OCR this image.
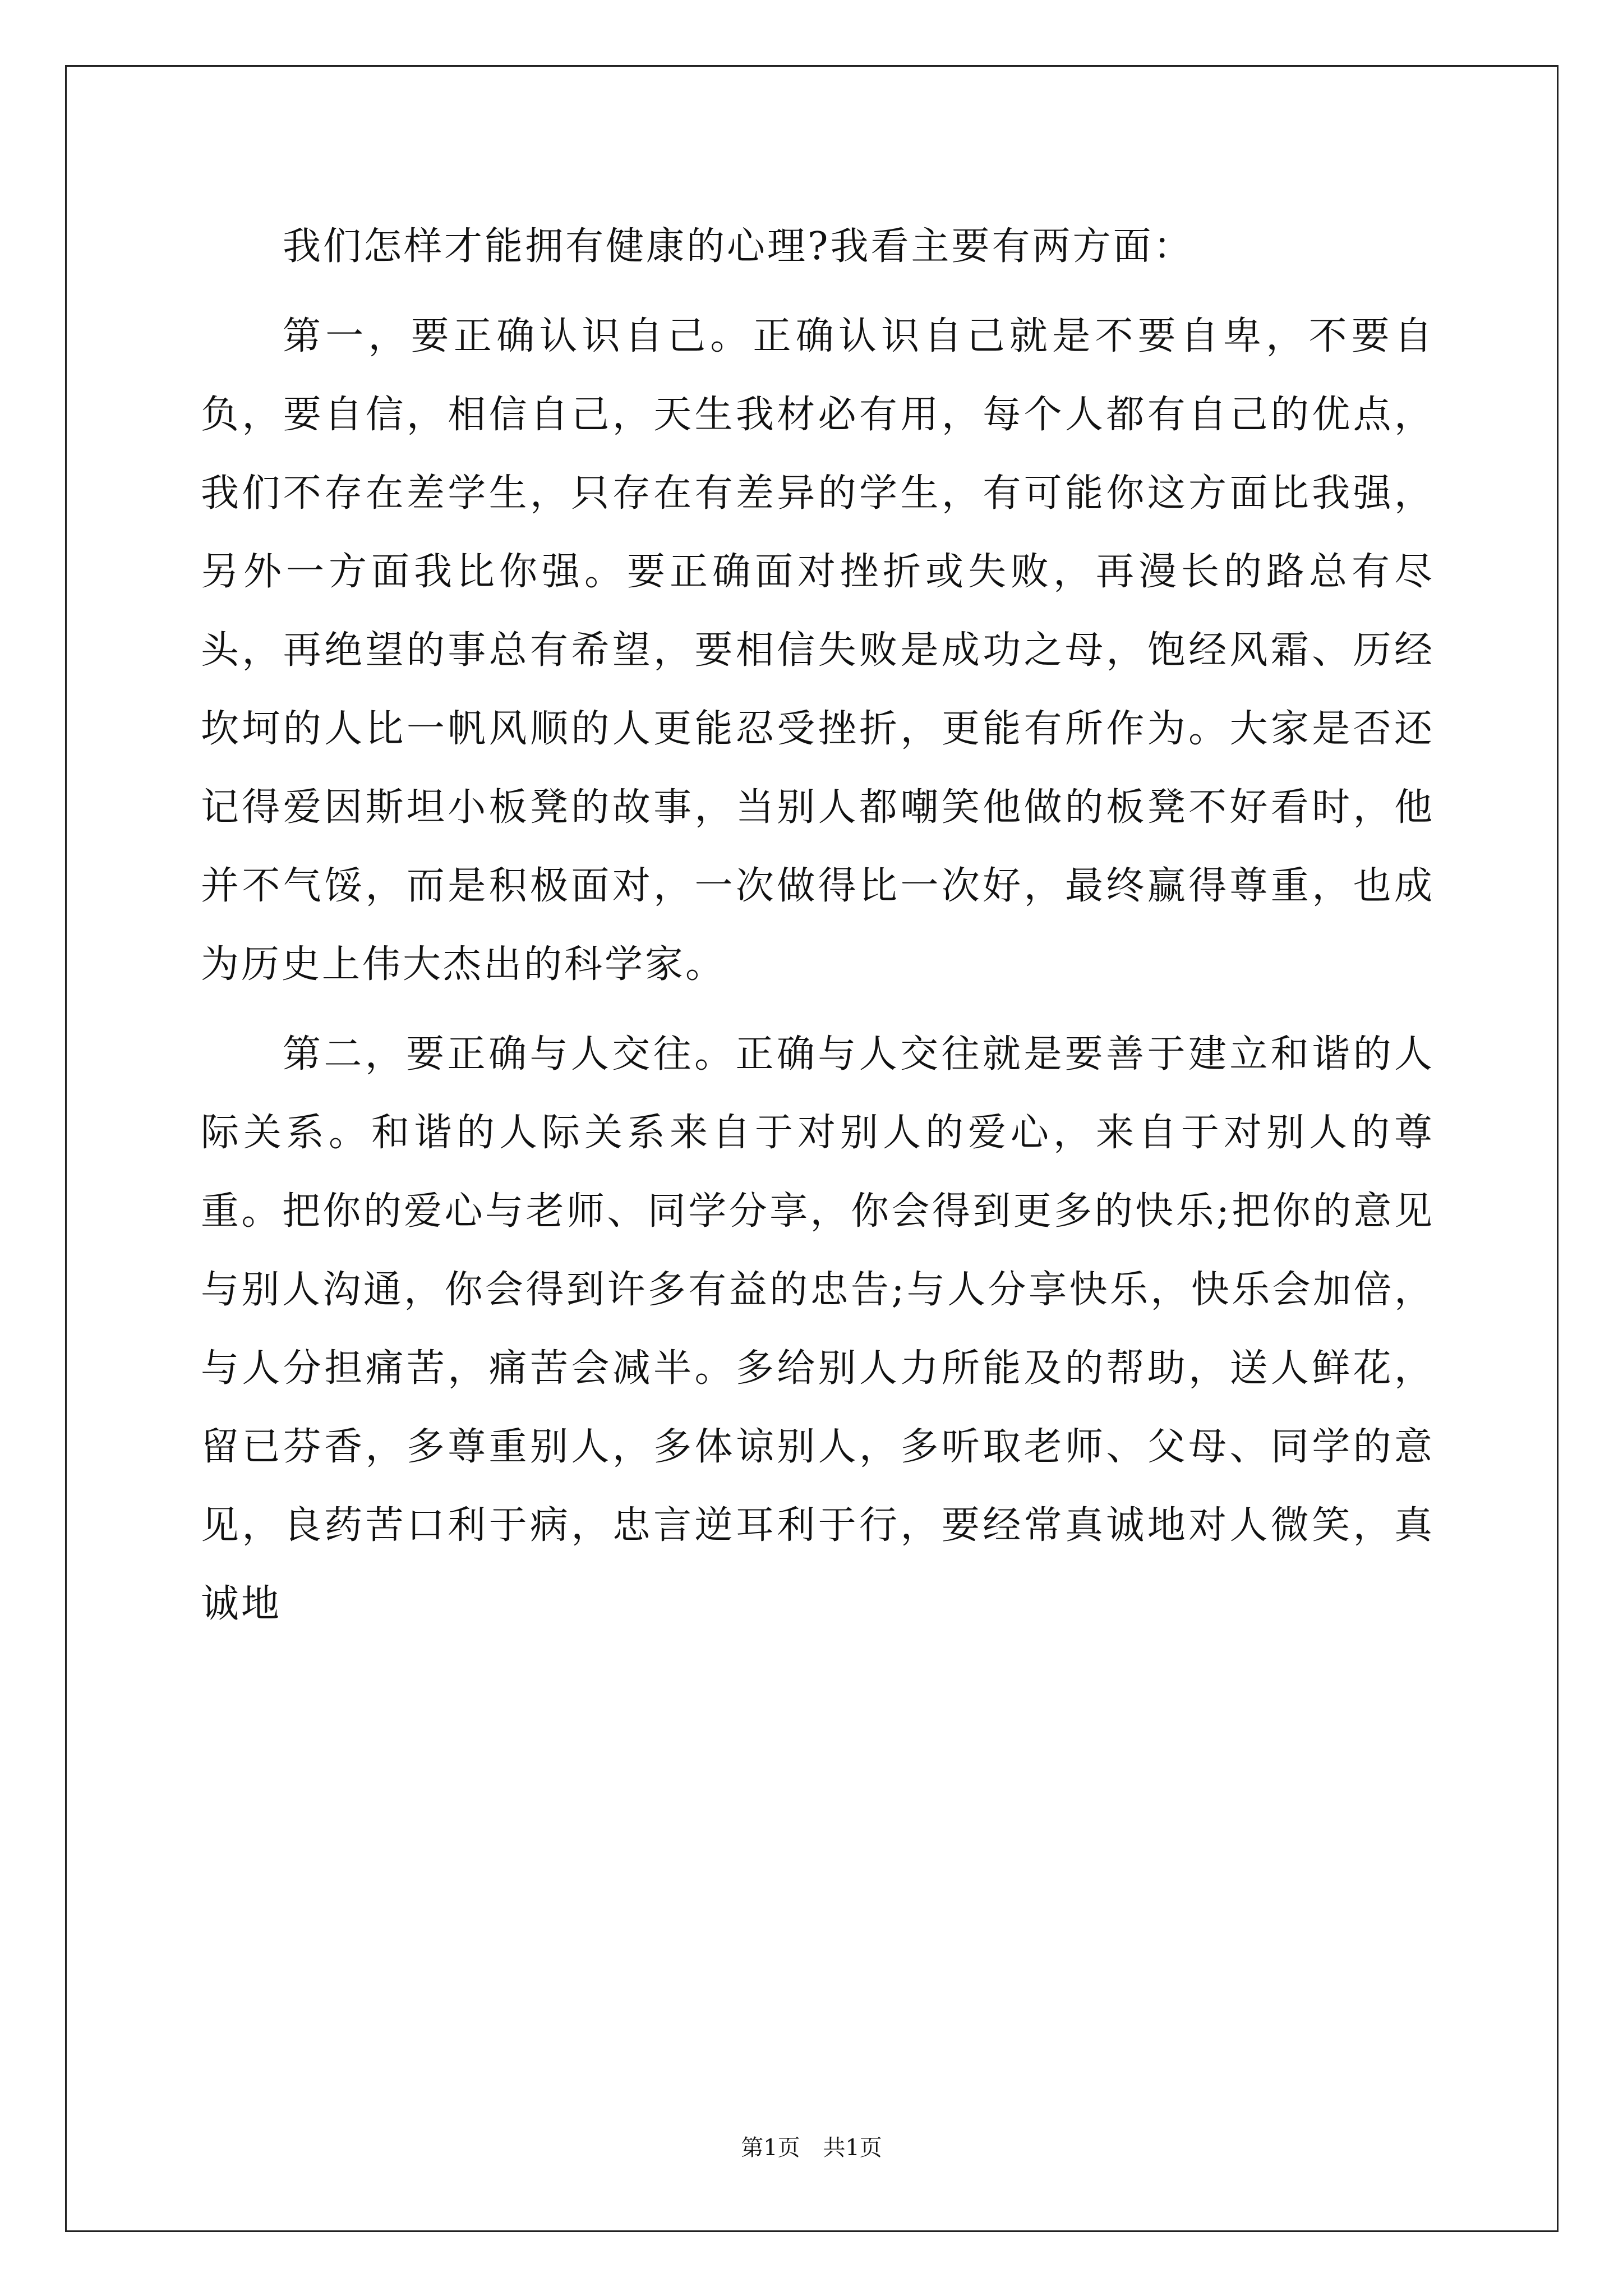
我们怎样才能拥有健康的心理?我看主要有两方面：

第一，要正确认识自己。正确认识自己就是不要自卑，不要自负，要自信，相信自己，天生我材必有用，每个人都有自己的优点，我们不存在差学生，只存在有差异的学生，有可能你这方面比我强，另外一方面我比你强。要正确面对挫折或失败，再漫长的路总有尽头，再绝望的事总有希望，要相信失败是成功之母，饱经风霜、历经坎坷的人比一帆风顺的人更能忍受挫折，更能有所作为。大家是否还记得爱因斯坦小板凳的故事，当别人都嘲笑他做的板凳不好看时，他并不气馁，而是积极面对，一次做得比一次好，最终赢得尊重，也成为历史上伟大杰出的科学家。

第二，要正确与人交往。正确与人交往就是要善于建立和谐的人际关系。和谐的人际关系来自于对别人的爱心，来自于对别人的尊重。把你的爱心与老师、同学分享，你会得到更多的快乐;把你的意见与别人沟通，你会得到许多有益的忠告;与人分享快乐，快乐会加倍，与人分担痛苦，痛苦会减半。多给别人力所能及的帮助，送人鲜花，留已芬香，多尊重别人，多体谅别人，多听取老师、父母、同学的意见，良药苦口利于病，忠言逆耳利于行，要经常真诚地对人微笑，真诚地

第1页 共1页
